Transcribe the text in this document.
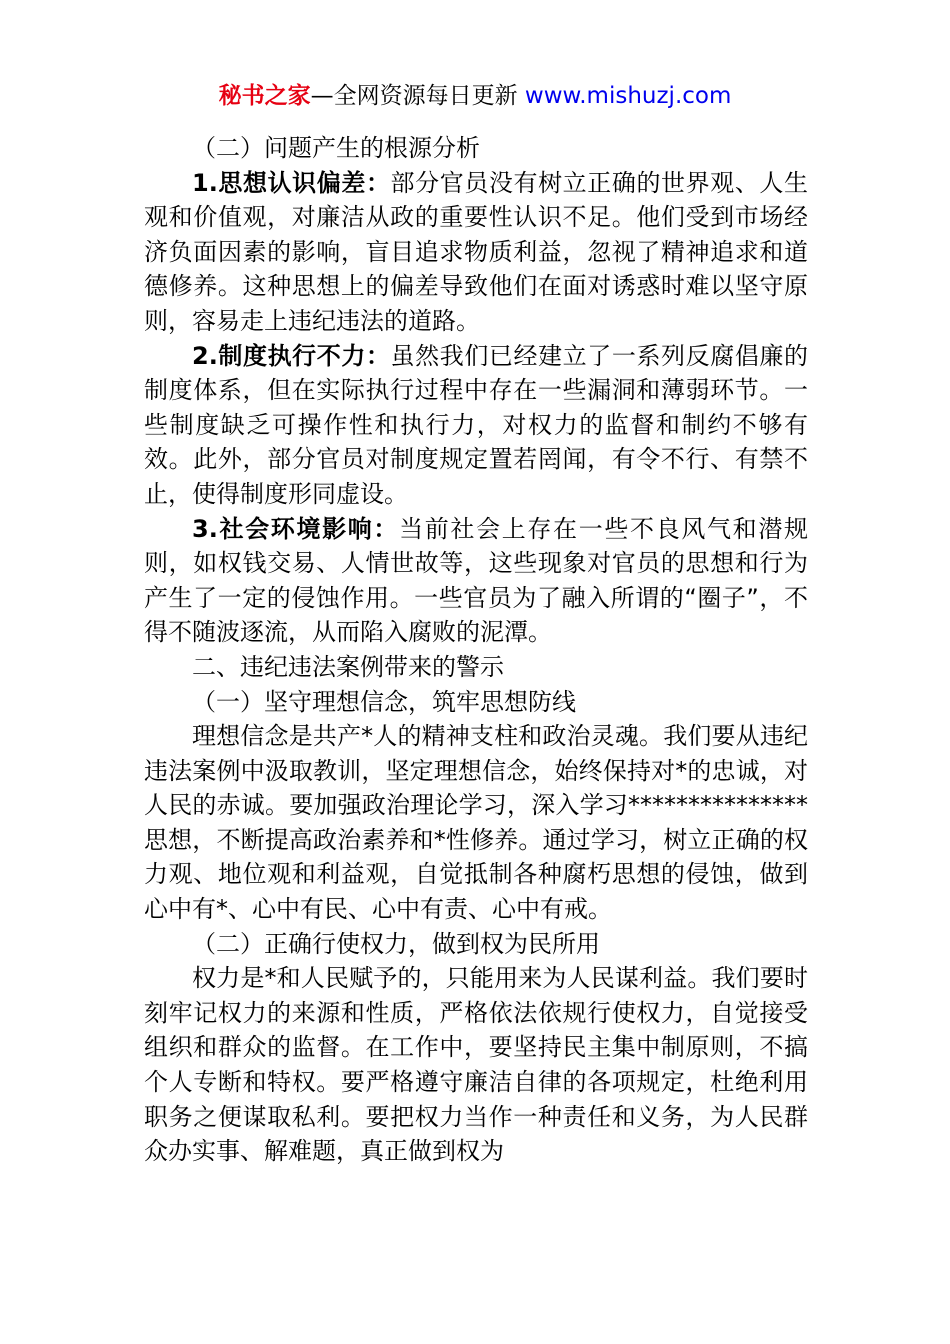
秘书之家—全网资源每日更新 www.mishuzj.com

（二）问题产生的根源分析

1.思想认识偏差：部分官员没有树立正确的世界观、人生观和价值观，对廉洁从政的重要性认识不足。他们受到市场经济负面因素的影响，盲目追求物质利益，忽视了精神追求和道德修养。这种思想上的偏差导致他们在面对诱惑时难以坚守原则，容易走上违纪违法的道路。

2.制度执行不力：虽然我们已经建立了一系列反腐倡廉的制度体系，但在实际执行过程中存在一些漏洞和薄弱环节。一些制度缺乏可操作性和执行力，对权力的监督和制约不够有效。此外，部分官员对制度规定置若罔闻，有令不行、有禁不止，使得制度形同虚设。

3.社会环境影响：当前社会上存在一些不良风气和潜规则，如权钱交易、人情世故等，这些现象对官员的思想和行为产生了一定的侵蚀作用。一些官员为了融入所谓的“圈子”，不得不随波逐流，从而陷入腐败的泥潭。

二、违纪违法案例带来的警示

（一）坚守理想信念，筑牢思想防线

理想信念是共产*人的精神支柱和政治灵魂。我们要从违纪违法案例中汲取教训，坚定理想信念，始终保持对*的忠诚，对人民的赤诚。要加强政治理论学习，深入学习***************思想，不断提高政治素养和*性修养。通过学习，树立正确的权力观、地位观和利益观，自觉抵制各种腐朽思想的侵蚀，做到心中有*、心中有民、心中有责、心中有戒。

（二）正确行使权力，做到权为民所用

权力是*和人民赋予的，只能用来为人民谋利益。我们要时刻牢记权力的来源和性质，严格依法依规行使权力，自觉接受组织和群众的监督。在工作中，要坚持民主集中制原则，不搞个人专断和特权。要严格遵守廉洁自律的各项规定，杜绝利用职务之便谋取私利。要把权力当作一种责任和义务，为人民群众办实事、解难题，真正做到权为
